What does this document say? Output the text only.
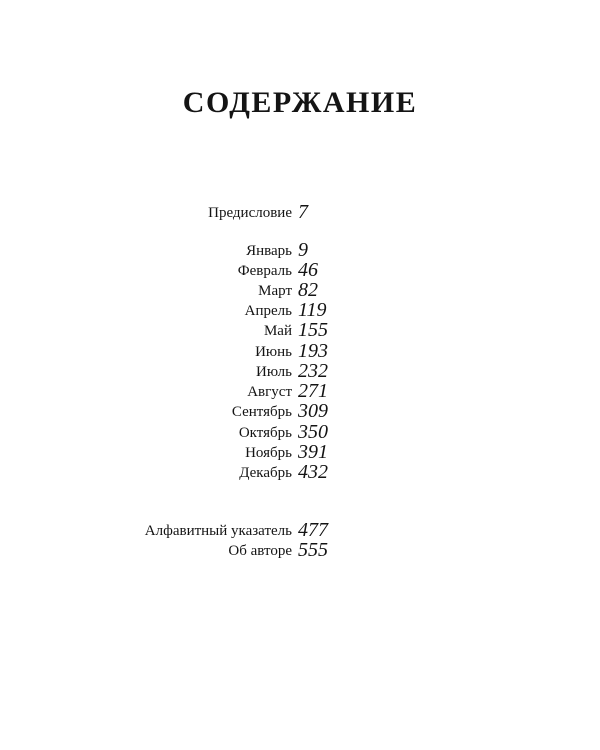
СОДЕРЖАНИЕ
Предисловие 7
Январь 9
Февраль 46
Март 82
Апрель 119
Май 155
Июнь 193
Июль 232
Август 271
Сентябрь 309
Октябрь 350
Ноябрь 391
Декабрь 432
Алфавитный указатель 477
Об авторе 555
